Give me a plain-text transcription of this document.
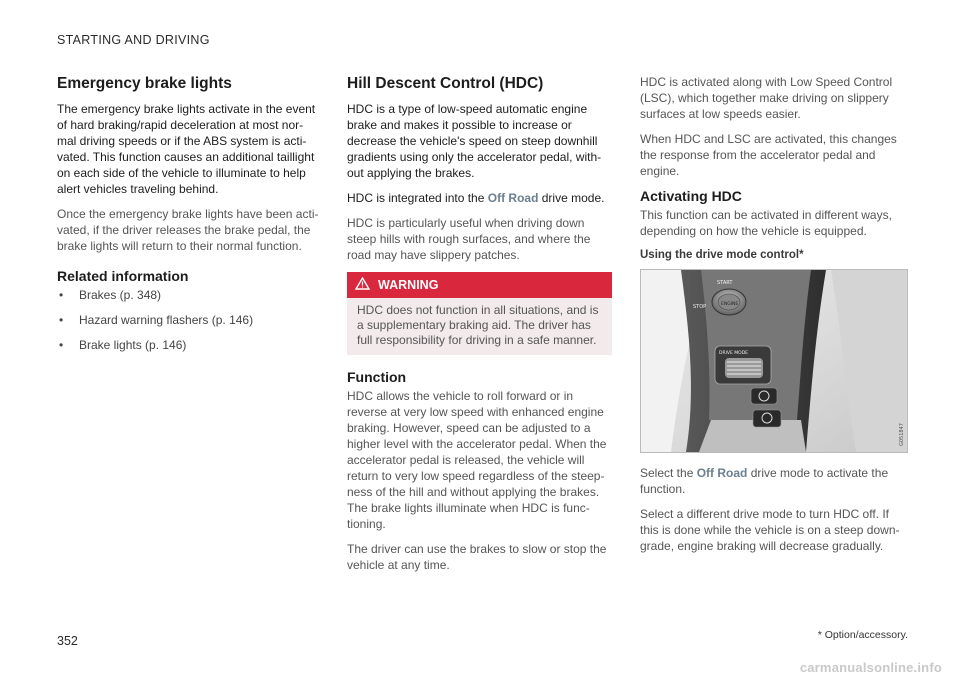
STARTING AND DRIVING
Emergency brake lights

The emergency brake lights activate in the event of hard braking/rapid deceleration at most nor-mal driving speeds or if the ABS system is acti-vated. This function causes an additional taillight on each side of the vehicle to illuminate to help alert vehicles traveling behind.

Once the emergency brake lights have been acti-vated, if the driver releases the brake pedal, the brake lights will return to their normal function.

Related information
• Brakes (p. 348)
• Hazard warning flashers (p. 146)
• Brake lights (p. 146)
Hill Descent Control (HDC)

HDC is a type of low-speed automatic engine brake and makes it possible to increase or decrease the vehicle's speed on steep downhill gradients using only the accelerator pedal, with-out applying the brakes.

HDC is integrated into the Off Road drive mode.

HDC is particularly useful when driving down steep hills with rough surfaces, and where the road may have slippery patches.

WARNING
HDC does not function in all situations, and is a supplementary braking aid. The driver has full responsibility for driving in a safe manner.
Function

HDC allows the vehicle to roll forward or in reverse at very low speed with enhanced engine braking. However, speed can be adjusted to a higher level with the accelerator pedal. When the accelerator pedal is released, the vehicle will return to very low speed regardless of the steep-ness of the hill and without applying the brakes. The brake lights illuminate when HDC is func-tioning.

The driver can use the brakes to slow or stop the vehicle at any time.

HDC is activated along with Low Speed Control (LSC), which together make driving on slippery surfaces at low speeds easier.

When HDC and LSC are activated, this changes the response from the accelerator pedal and engine.

Activating HDC

This function can be activated in different ways, depending on how the vehicle is equipped.

Using the drive mode control*
STOP
START
ENGINE
DRIVE MODE
G051847

Select the Off Road drive mode to activate the function.

Select a different drive mode to turn HDC off. If this is done while the vehicle is on a steep down-grade, engine braking will decrease gradually.

* Option/accessory.
352
carmanualsonline.info
